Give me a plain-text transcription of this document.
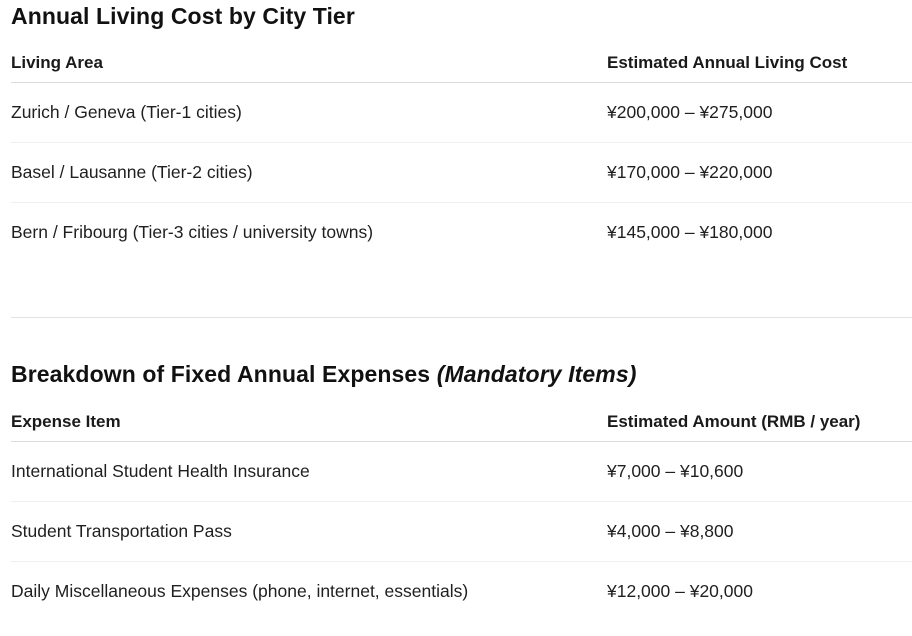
Annual Living Cost by City Tier
Living Area	Estimated Annual Living Cost
Zurich / Geneva (Tier-1 cities)	¥200,000 – ¥275,000
Basel / Lausanne (Tier-2 cities)	¥170,000 – ¥220,000
Bern / Fribourg (Tier-3 cities / university towns)	¥145,000 – ¥180,000
Breakdown of Fixed Annual Expenses (Mandatory Items)
Expense Item	Estimated Amount (RMB / year)
International Student Health Insurance	¥7,000 – ¥10,600
Student Transportation Pass	¥4,000 – ¥8,800
Daily Miscellaneous Expenses (phone, internet, essentials)	¥12,000 – ¥20,000
